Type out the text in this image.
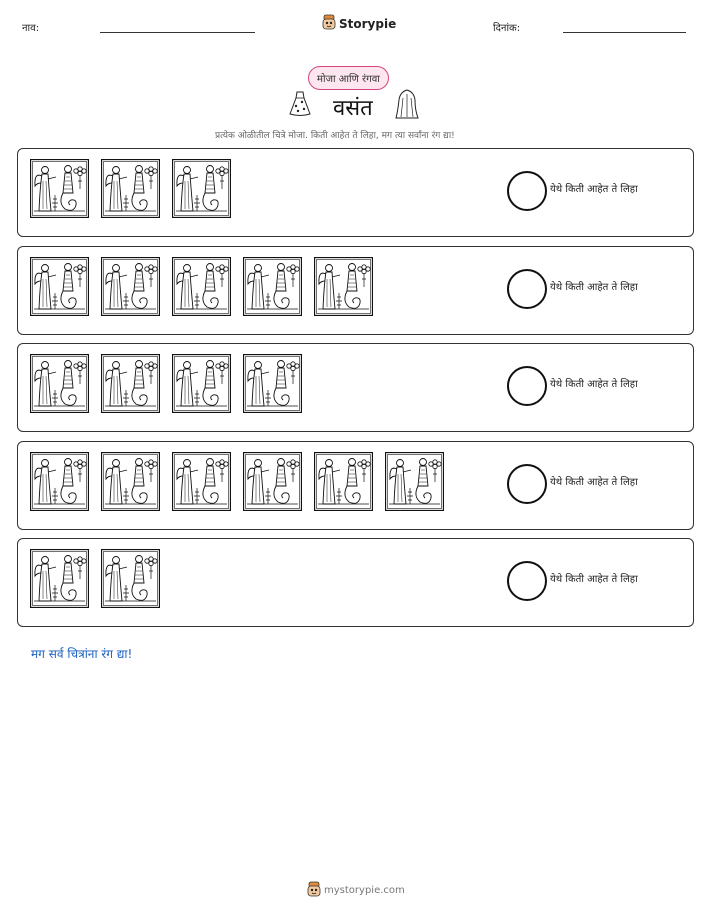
नाव:	Storypie	दिनांक:
मोजा आणि रंगवा
वसंत
प्रत्येक ओळीतील चित्रे मोजा. किती आहेत ते लिहा, मग त्या सर्वांना रंग द्या!
येथे किती आहेत ते लिहा
येथे किती आहेत ते लिहा
येथे किती आहेत ते लिहा
येथे किती आहेत ते लिहा
येथे किती आहेत ते लिहा
मग सर्व चित्रांना रंग द्या!
mystorypie.com
